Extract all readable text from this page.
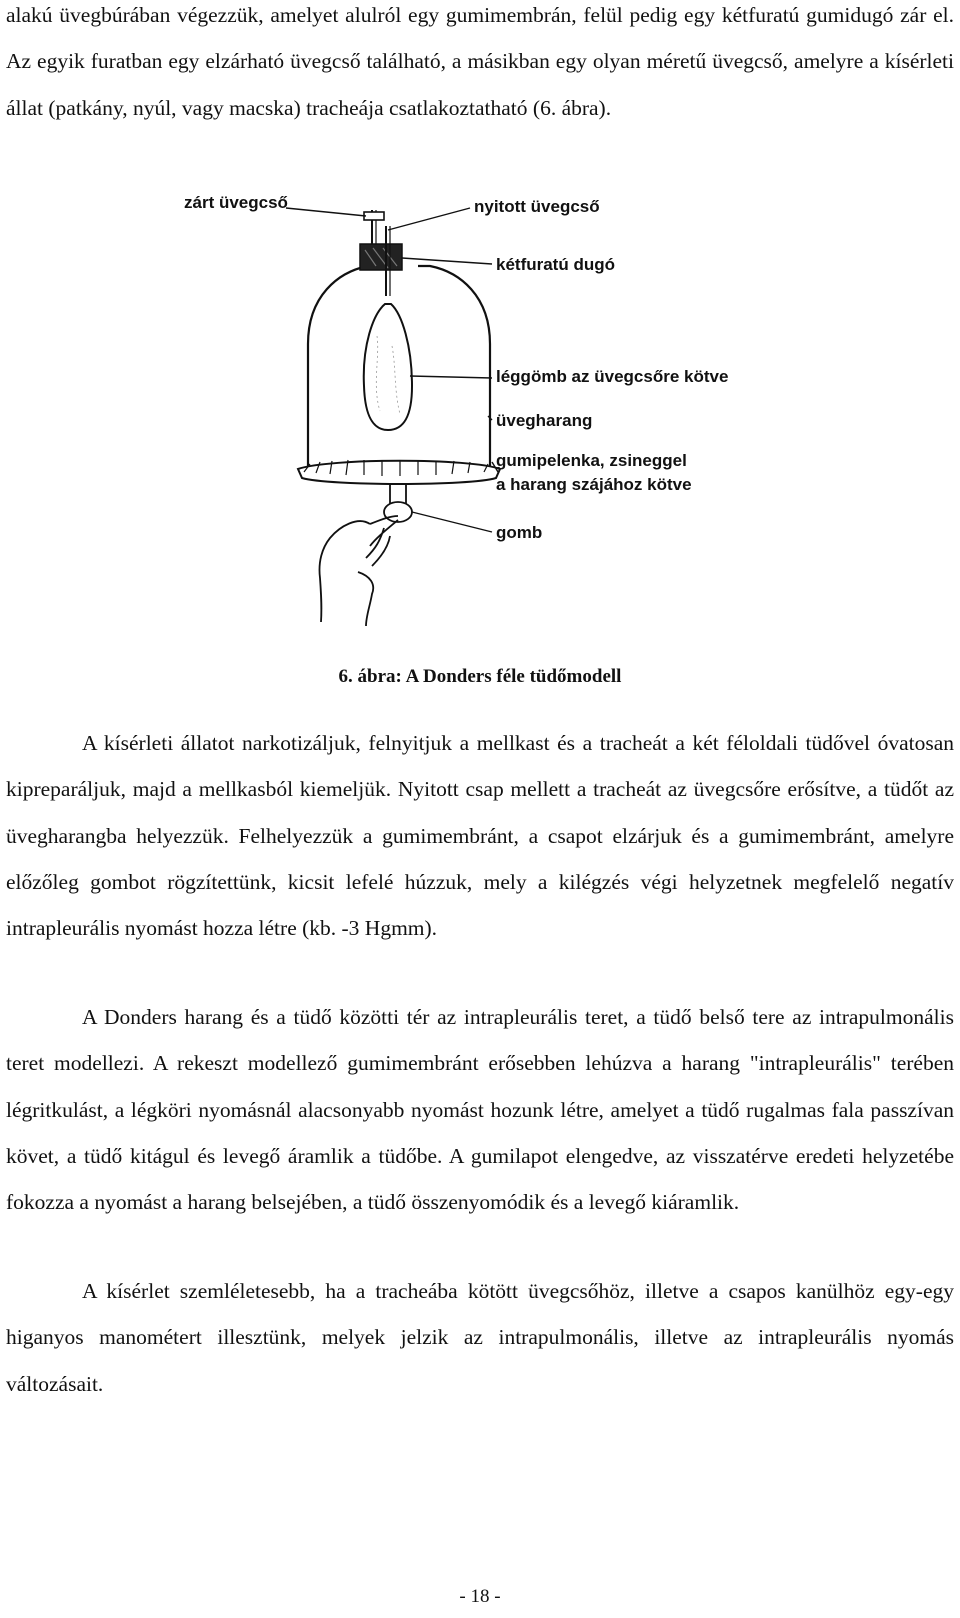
alakú üvegbúrában végezzük, amelyet alulról egy gumimembrán, felül pedig egy kétfuratú gumidugó zár el. Az egyik furatban egy elzárható üvegcső található, a másikban egy olyan méretű üvegcső, amelyre a kísérleti állat (patkány, nyúl, vagy macska) tracheája csatlakoztatható (6. ábra).

zárt üvegcső	nyitott üvegcső
kétfuratú dugó
léggömb az üvegcsőre kötve
üvegharang
gumipelenka, zsineggel
a harang szájához kötve
gomb

6. ábra: A Donders féle tüdőmodell

A kísérleti állatot narkotizáljuk, felnyitjuk a mellkast és a tracheát a két féloldali tüdővel óvatosan kipreparáljuk, majd a mellkasból kiemeljük. Nyitott csap mellett a tracheát az üvegcsőre erősítve, a tüdőt az üvegharangba helyezzük. Felhelyezzük a gumimembránt, a csapot elzárjuk és a gumimembránt, amelyre előzőleg gombot rögzítettünk, kicsit lefelé húzzuk, mely a kilégzés végi helyzetnek megfelelő negatív intrapleurális nyomást hozza létre (kb. -3 Hgmm).

A Donders harang és a tüdő közötti tér az intrapleurális teret, a tüdő belső tere az intrapulmonális teret modellezi. A rekeszt modellező gumimembránt erősebben lehúzva a harang "intrapleurális" terében légritkulást, a légköri nyomásnál alacsonyabb nyomást hozunk létre, amelyet a tüdő rugalmas fala passzívan követ, a tüdő kitágul és levegő áramlik a tüdőbe. A gumilapot elengedve, az visszatérve eredeti helyzetébe fokozza a nyomást a harang belsejében, a tüdő összenyomódik és a levegő kiáramlik.

A kísérlet szemléletesebb, ha a tracheába kötött üvegcsőhöz, illetve a csapos kanülhöz egy-egy higanyos manométert illesztünk, melyek jelzik az intrapulmonális, illetve az intrapleurális nyomás változásait.

- 18 -
